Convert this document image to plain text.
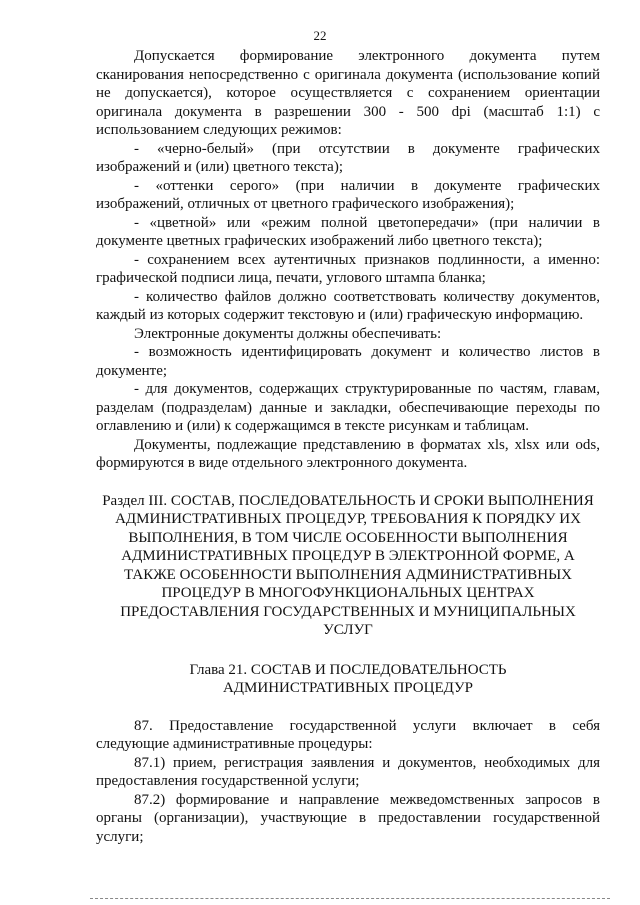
22

Допускается формирование электронного документа путем сканирования непосредственно с оригинала документа (использование копий не допускается), которое осуществляется с сохранением ориентации оригинала документа в разрешении 300 - 500 dpi (масштаб 1:1) с использованием следующих режимов:

- «черно-белый» (при отсутствии в документе графических изображений и (или) цветного текста);

- «оттенки серого» (при наличии в документе графических изображений, отличных от цветного графического изображения);

- «цветной» или «режим полной цветопередачи» (при наличии в документе цветных графических изображений либо цветного текста);

- сохранением всех аутентичных признаков подлинности, а именно: графической подписи лица, печати, углового штампа бланка;

- количество файлов должно соответствовать количеству документов, каждый из которых содержит текстовую и (или) графическую информацию.

Электронные документы должны обеспечивать:

- возможность идентифицировать документ и количество листов в документе;

- для документов, содержащих структурированные по частям, главам, разделам (подразделам) данные и закладки, обеспечивающие переходы по оглавлению и (или) к содержащимся в тексте рисункам и таблицам.

Документы, подлежащие представлению в форматах xls, xlsx или ods, формируются в виде отдельного электронного документа.

Раздел III. СОСТАВ, ПОСЛЕДОВАТЕЛЬНОСТЬ И СРОКИ ВЫПОЛНЕНИЯ АДМИНИСТРАТИВНЫХ ПРОЦЕДУР, ТРЕБОВАНИЯ К ПОРЯДКУ ИХ ВЫПОЛНЕНИЯ, В ТОМ ЧИСЛЕ ОСОБЕННОСТИ ВЫПОЛНЕНИЯ АДМИНИСТРАТИВНЫХ ПРОЦЕДУР В ЭЛЕКТРОННОЙ ФОРМЕ, А ТАКЖЕ ОСОБЕННОСТИ ВЫПОЛНЕНИЯ АДМИНИСТРАТИВНЫХ ПРОЦЕДУР В МНОГОФУНКЦИОНАЛЬНЫХ ЦЕНТРАХ ПРЕДОСТАВЛЕНИЯ ГОСУДАРСТВЕННЫХ И МУНИЦИПАЛЬНЫХ УСЛУГ
Глава 21. СОСТАВ И ПОСЛЕДОВАТЕЛЬНОСТЬ АДМИНИСТРАТИВНЫХ ПРОЦЕДУР

87. Предоставление государственной услуги включает в себя следующие административные процедуры:

87.1) прием, регистрация заявления и документов, необходимых для предоставления государственной услуги;

87.2) формирование и направление межведомственных запросов в органы (организации), участвующие в предоставлении государственной услуги;
